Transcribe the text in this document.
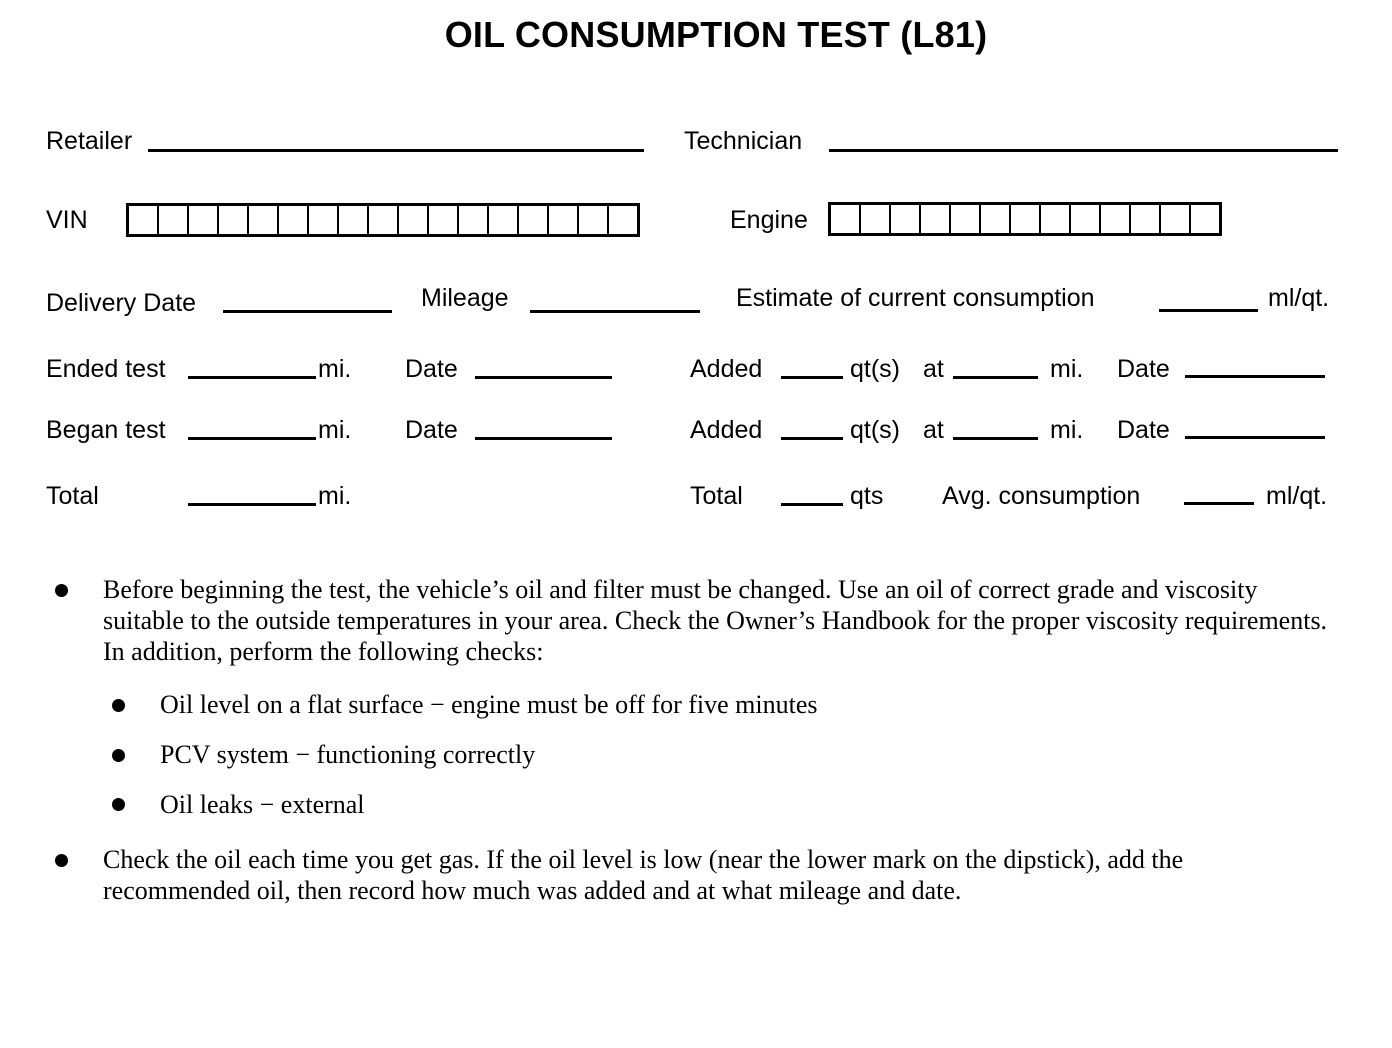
OIL CONSUMPTION TEST (L81)
Retailer	Technician
VIN	Engine
Delivery Date	Mileage	Estimate of current consumption	ml/qt.
Ended test	mi. Date	Added	qt(s) at	mi. Date
Began test	mi. Date	Added	qt(s) at	mi. Date
Total	mi.	Total	qts Avg. consumption	ml/qt.
Before beginning the test, the vehicle’s oil and filter must be changed. Use an oil of correct grade and viscosity suitable to the outside temperatures in your area. Check the Owner’s Handbook for the proper viscosity requirements. In addition, perform the following checks:
Oil level on a flat surface − engine must be off for five minutes
PCV system − functioning correctly
Oil leaks − external
Check the oil each time you get gas. If the oil level is low (near the lower mark on the dipstick), add the recommended oil, then record how much was added and at what mileage and date.
